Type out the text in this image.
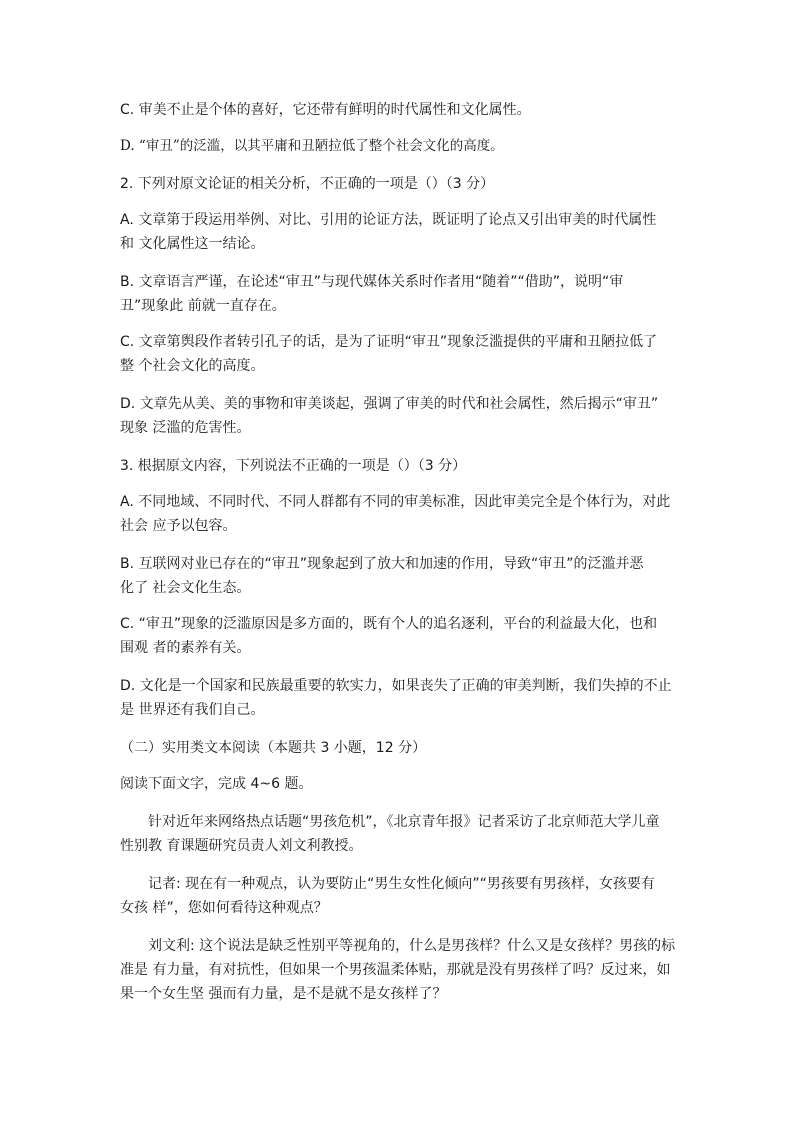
C. 审美不止是个体的喜好，它还带有鲜明的时代属性和文化属性。
D. “审丑”的泛滥，以其平庸和丑陋拉低了整个社会文化的高度。
2. 下列对原文论证的相关分析，不正确的一项是（）（3 分）
A. 文章第于段运用举例、对比、引用的论证方法，既证明了论点又引出审美的时代属性
和 文化属性这一结论。
B. 文章语言严谨，在论述“审丑”与现代媒体关系时作者用“随着”“借助”，说明“审
丑”现象此 前就一直存在。
C. 文章第舆段作者转引孔子的话，是为了证明“审丑”现象泛滥提供的平庸和丑陋拉低了
整 个社会文化的高度。
D. 文章先从美、美的事物和审美谈起，强调了审美的时代和社会属性，然后揭示“审丑”
现象 泛滥的危害性。
3. 根据原文内容，下列说法不正确的一项是（）（3 分）
A. 不同地域、不同时代、不同人群都有不同的审美标准，因此审美完全是个体行为，对此
社会 应予以包容。
B. 互联网对业已存在的“审丑”现象起到了放大和加速的作用，导致“审丑”的泛滥并恶
化了 社会文化生态。
C. “审丑”现象的泛滥原因是多方面的，既有个人的追名逐利，平台的利益最大化，也和
围观 者的素养有关。
D. 文化是一个国家和民族最重要的软实力，如果丧失了正确的审美判断，我们失掉的不止
是 世界还有我们自己。
（二）实用类文本阅读（本题共 3 小题，12 分）
阅读下面文字，完成 4~6 题。
针对近年来网络热点话题“男孩危机”，《北京青年报》记者采访了北京师范大学儿童
性别教 育课题研究员责人刘文利教授。
记者: 现在有一种观点，认为要防止“男生女性化倾向”“男孩要有男孩样，女孩要有
女孩 样”，您如何看待这种观点？
刘文利: 这个说法是缺乏性别平等视角的，什么是男孩样？什么又是女孩样？男孩的标
准是 有力量，有对抗性，但如果一个男孩温柔体贴，那就是没有男孩样了吗？反过来，如
果一个女生坚 强而有力量，是不是就不是女孩样了？
